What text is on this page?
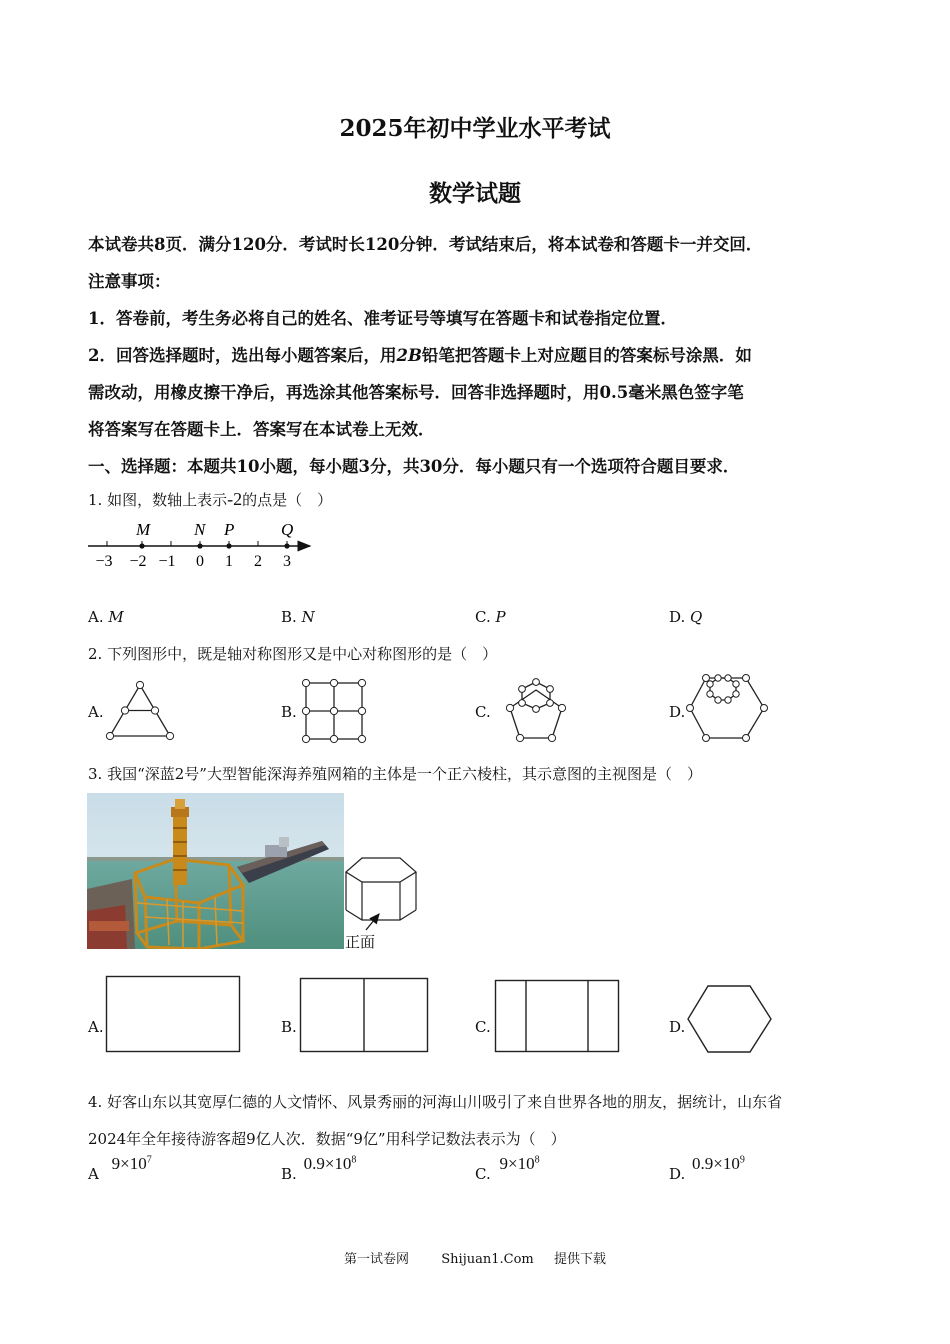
2025年初中学业水平考试
数学试题
本试卷共8页．满分120分．考试时长120分钟．考试结束后，将本试卷和答题卡一并交回．
注意事项：
1．答卷前，考生务必将自己的姓名、准考证号等填写在答题卡和试卷指定位置．
2．回答选择题时，选出每小题答案后，用2B铅笔把答题卡上对应题目的答案标号涂黑．如
需改动，用橡皮擦干净后，再选涂其他答案标号．回答非选择题时，用0.5毫米黑色签字笔
将答案写在答题卡上．答案写在本试卷上无效．
一、选择题：本题共10小题，每小题3分，共30分．每小题只有一个选项符合题目要求．
1. 如图，数轴上表示-2的点是（　）
M	N P	Q
−3 −2 −1 0 1 2 3
A. M	B. N	C. P	D. Q
2. 下列图形中，既是轴对称图形又是中心对称图形的是（　）
A.	B.	C.	D.
3. 我国“深蓝2号”大型智能深海养殖网箱的主体是一个正六棱柱，其示意图的主视图是（　）
正面
A.	B.	C.	D.
4. 好客山东以其宽厚仁德的人文情怀、风景秀丽的河海山川吸引了来自世界各地的朋友，据统计，山东省
2024年全年接待游客超9亿人次．数据“9亿”用科学记数法表示为（　）
A $9\times 10^7$
B. $0.9\times 10^8$
C. $9\times 10^8$
D. $0.9\times 10^9$
第一试卷网 Shijuan1.Com 提供下载
